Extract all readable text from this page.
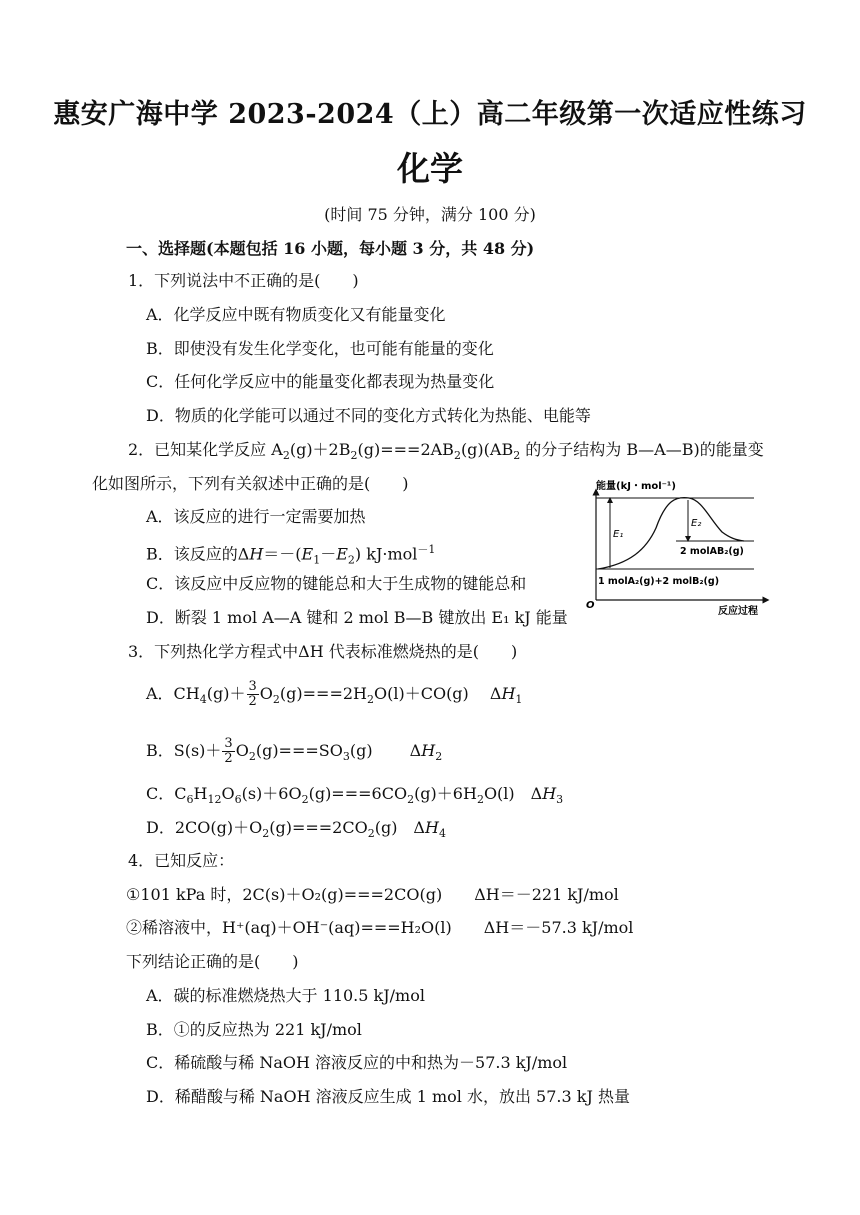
惠安广海中学 2023-2024（上）高二年级第一次适应性练习
化学
(时间 75 分钟，满分 100 分)
一、选择题(本题包括 16 小题，每小题 3 分，共 48 分)
1．下列说法中不正确的是(　　)
A．化学反应中既有物质变化又有能量变化
B．即使没有发生化学变化，也可能有能量的变化
C．任何化学反应中的能量变化都表现为热量变化
D．物质的化学能可以通过不同的变化方式转化为热能、电能等
2．已知某化学反应 $A_2(g)+2B_2(g)===2AB_2(g)(AB_2$ 的分子结构为 B—A—B)的能量变
化如图所示，下列有关叙述中正确的是(　　)
A．该反应的进行一定需要加热
B．该反应的$\Delta H=-(E_1-E_2)$ kJ·mol$^{-1}$
C．该反应中反应物的键能总和大于生成物的键能总和
D．断裂 1 mol A—A 键和 2 mol B—B 键放出 E₁ kJ 能量
能量(kJ・mol⁻¹)
反应过程
O
E₁
E₂
2 molAB₂(g)
1 molA₂(g)+2 molB₂(g)
3．下列热化学方程式中ΔH 代表标准燃烧热的是(　　)
A．$CH_4(g)+ \frac{3}{2} O_2(g)===2H_2O(l)+CO(g)$　 $\Delta H_1$
B．$S(s)+ \frac{3}{2} O_2(g)===SO_3(g)$　　 $\Delta H_2$
C．$C_6H_{12}O_6(s)+6O_2(g)===6CO_2(g)+6H_2O(l)$　$\Delta H_3$
D．$2CO(g)+O_2(g)===2CO_2(g)$　$\Delta H_4$
4．已知反应：
①101 kPa 时，2C(s)＋O₂(g)===2CO(g)　　ΔH＝－221 kJ/mol
②稀溶液中，H⁺(aq)＋OH⁻(aq)===H₂O(l)　　ΔH＝－57.3 kJ/mol
下列结论正确的是(　　)
A．碳的标准燃烧热大于 110.5 kJ/mol
B．①的反应热为 221 kJ/mol
C．稀硫酸与稀 NaOH 溶液反应的中和热为－57.3 kJ/mol
D．稀醋酸与稀 NaOH 溶液反应生成 1 mol 水，放出 57.3 kJ 热量
